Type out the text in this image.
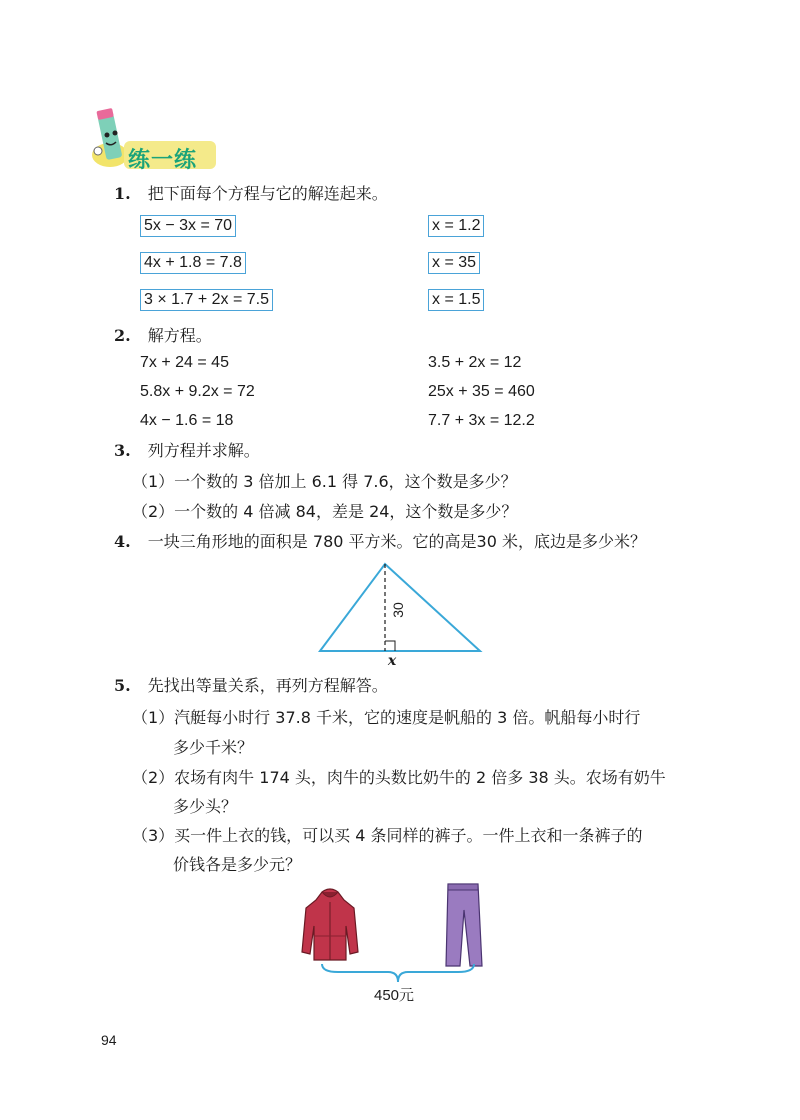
练一练
1. 把下面每个方程与它的解连起来。
5x − 3x = 70
4x + 1.8 = 7.8
3 × 1.7 + 2x = 7.5
x = 1.2
x = 35
x = 1.5
2. 解方程。
7x + 24 = 45	3.5 + 2x = 12
5.8x + 9.2x = 72	25x + 35 = 460
4x − 1.6 = 18	7.7 + 3x = 12.2
3. 列方程并求解。
（1）一个数的 3 倍加上 6.1 得 7.6，这个数是多少？
（2）一个数的 4 倍减 84，差是 24，这个数是多少？
4. 一块三角形地的面积是 780 平方米。它的高是30 米，底边是多少米？
30
x
5. 先找出等量关系，再列方程解答。
（1）汽艇每小时行 37.8 千米，它的速度是帆船的 3 倍。帆船每小时行
多少千米？
（2）农场有肉牛 174 头，肉牛的头数比奶牛的 2 倍多 38 头。农场有奶牛
多少头？
（3）买一件上衣的钱，可以买 4 条同样的裤子。一件上衣和一条裤子的
价钱各是多少元？
450元
94
